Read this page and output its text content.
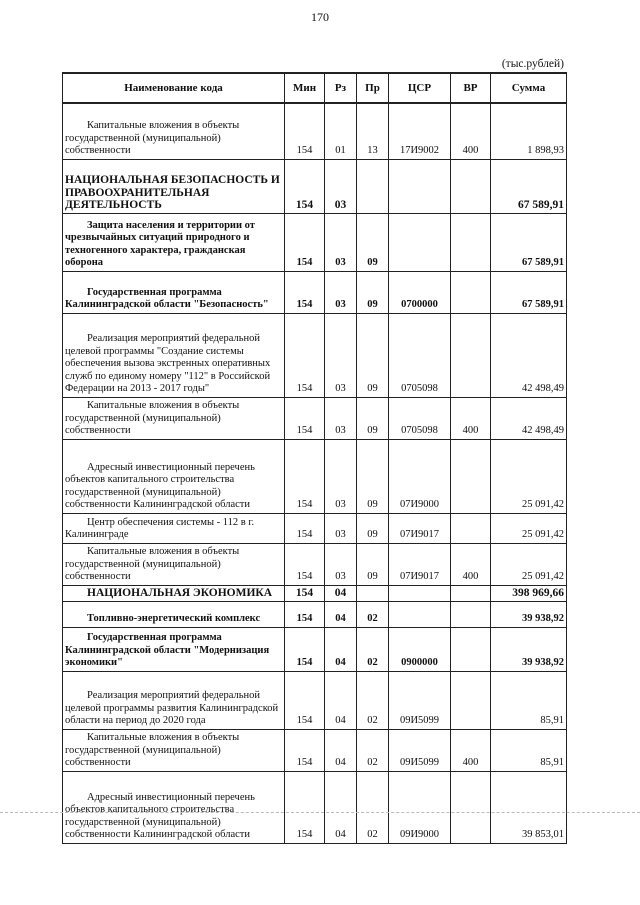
170
(тыс.рублей)
Наименование кода	Мин	Рз	Пр	ЦСР	ВР	Сумма
Капитальные вложения в объекты государственной (муниципальной) собственности	154	01	13	17И9002	400	1 898,93
НАЦИОНАЛЬНАЯ БЕЗОПАСНОСТЬ И ПРАВООХРАНИТЕЛЬНАЯ ДЕЯТЕЛЬНОСТЬ	154	03				67 589,91
Защита населения и территории от чрезвычайных ситуаций природного и техногенного характера, гражданская оборона	154	03	09			67 589,91
Государственная программа Калининградской области "Безопасность"	154	03	09	0700000		67 589,91
Реализация мероприятий федеральной целевой программы "Создание системы обеспечения вызова экстренных оперативных служб по единому номеру "112" в Российской Федерации на 2013 - 2017 годы"	154	03	09	0705098		42 498,49
Капитальные вложения в объекты государственной (муниципальной) собственности	154	03	09	0705098	400	42 498,49
Адресный инвестиционный перечень объектов капитального строительства государственной (муниципальной) собственности Калининградской области	154	03	09	07И9000		25 091,42
Центр обеспечения системы - 112 в г. Калининграде	154	03	09	07И9017		25 091,42
Капитальные вложения в объекты государственной (муниципальной) собственности	154	03	09	07И9017	400	25 091,42
НАЦИОНАЛЬНАЯ ЭКОНОМИКА	154	04				398 969,66
Топливно-энергетический комплекс	154	04	02			39 938,92
Государственная программа Калининградской области "Модернизация экономики"	154	04	02	0900000		39 938,92
Реализация мероприятий федеральной целевой программы развития Калининградской области на период до 2020 года	154	04	02	09И5099		85,91
Капитальные вложения в объекты государственной (муниципальной) собственности	154	04	02	09И5099	400	85,91
Адресный инвестиционный перечень объектов капитального строительства государственной (муниципальной) собственности Калининградской области	154	04	02	09И9000		39 853,01
